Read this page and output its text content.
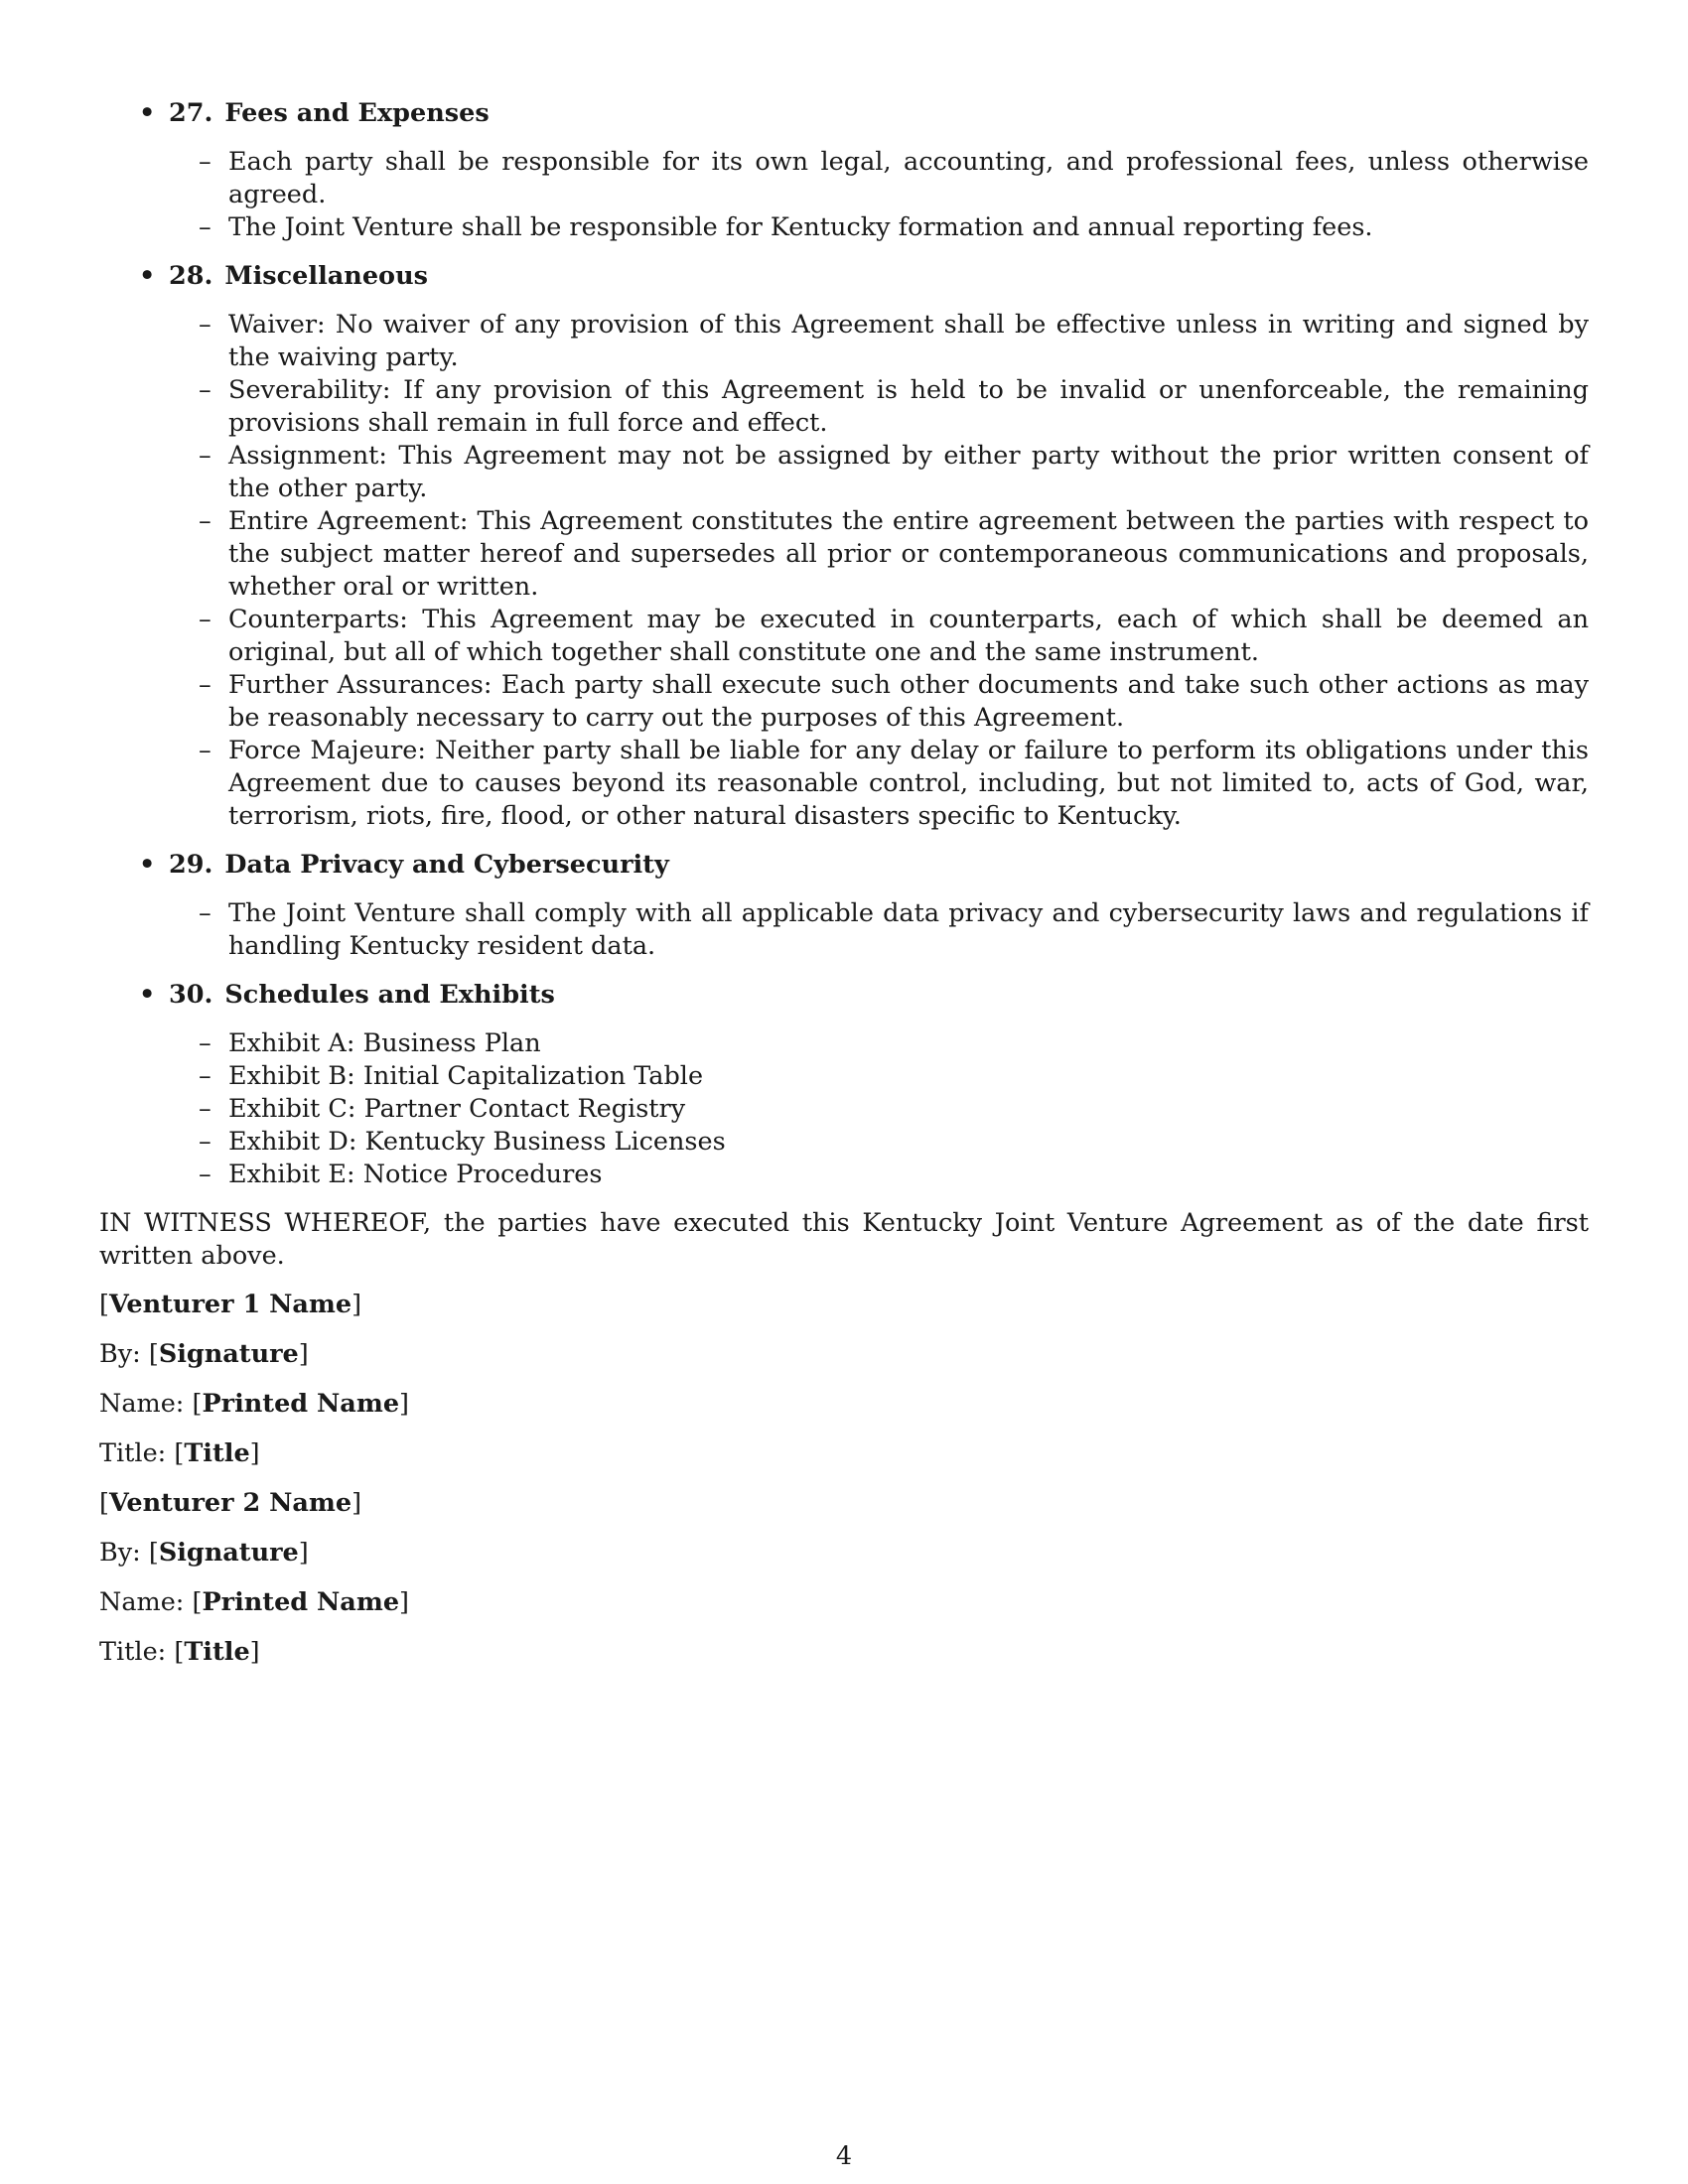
• 27. Fees and Expenses
– Each party shall be responsible for its own legal, accounting, and professional fees, unless otherwise agreed.
– The Joint Venture shall be responsible for Kentucky formation and annual reporting fees.
• 28. Miscellaneous
– Waiver: No waiver of any provision of this Agreement shall be effective unless in writing and signed by the waiving party.
– Severability: If any provision of this Agreement is held to be invalid or unenforceable, the remaining provisions shall remain in full force and effect.
– Assignment: This Agreement may not be assigned by either party without the prior written consent of the other party.
– Entire Agreement: This Agreement constitutes the entire agreement between the parties with respect to the subject matter hereof and supersedes all prior or contemporaneous communications and proposals, whether oral or written.
– Counterparts: This Agreement may be executed in counterparts, each of which shall be deemed an original, but all of which together shall constitute one and the same instrument.
– Further Assurances: Each party shall execute such other documents and take such other actions as may be reasonably necessary to carry out the purposes of this Agreement.
– Force Majeure: Neither party shall be liable for any delay or failure to perform its obligations under this Agreement due to causes beyond its reasonable control, including, but not limited to, acts of God, war, terrorism, riots, fire, flood, or other natural disasters specific to Kentucky.
• 29. Data Privacy and Cybersecurity
– The Joint Venture shall comply with all applicable data privacy and cybersecurity laws and regulations if handling Kentucky resident data.
• 30. Schedules and Exhibits
– Exhibit A: Business Plan
– Exhibit B: Initial Capitalization Table
– Exhibit C: Partner Contact Registry
– Exhibit D: Kentucky Business Licenses
– Exhibit E: Notice Procedures

IN WITNESS WHEREOF, the parties have executed this Kentucky Joint Venture Agreement as of the date first written above.

[Venturer 1 Name]
By: [Signature]
Name: [Printed Name]
Title: [Title]
[Venturer 2 Name]
By: [Signature]
Name: [Printed Name]
Title: [Title]
4
